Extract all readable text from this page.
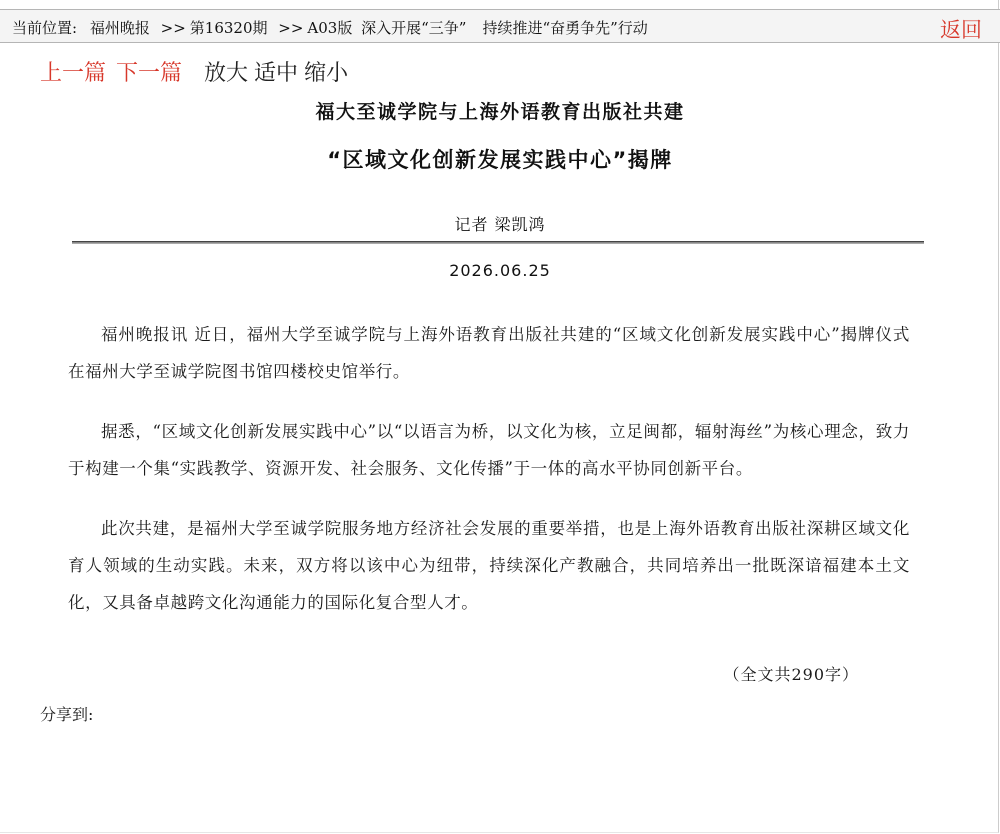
当前位置: 福州晚报 >> 第16320期 >> A03版 深入开展“三争” 持续推进“奋勇争先”行动	返回
上一篇 下一篇 放大 适中 缩小
福大至诚学院与上海外语教育出版社共建
“区域文化创新发展实践中心”揭牌
记者 梁凯鸿
2026.06.25

福州晚报讯 近日，福州大学至诚学院与上海外语教育出版社共建的“区域文化创新发展实践中心”揭牌仪式在福州大学至诚学院图书馆四楼校史馆举行。

据悉，“区域文化创新发展实践中心”以“以语言为桥，以文化为核，立足闽都，辐射海丝”为核心理念，致力于构建一个集“实践教学、资源开发、社会服务、文化传播”于一体的高水平协同创新平台。

此次共建，是福州大学至诚学院服务地方经济社会发展的重要举措，也是上海外语教育出版社深耕区域文化育人领域的生动实践。未来，双方将以该中心为纽带，持续深化产教融合，共同培养出一批既深谙福建本土文化，又具备卓越跨文化沟通能力的国际化复合型人才。

（全文共290字）
分享到:
